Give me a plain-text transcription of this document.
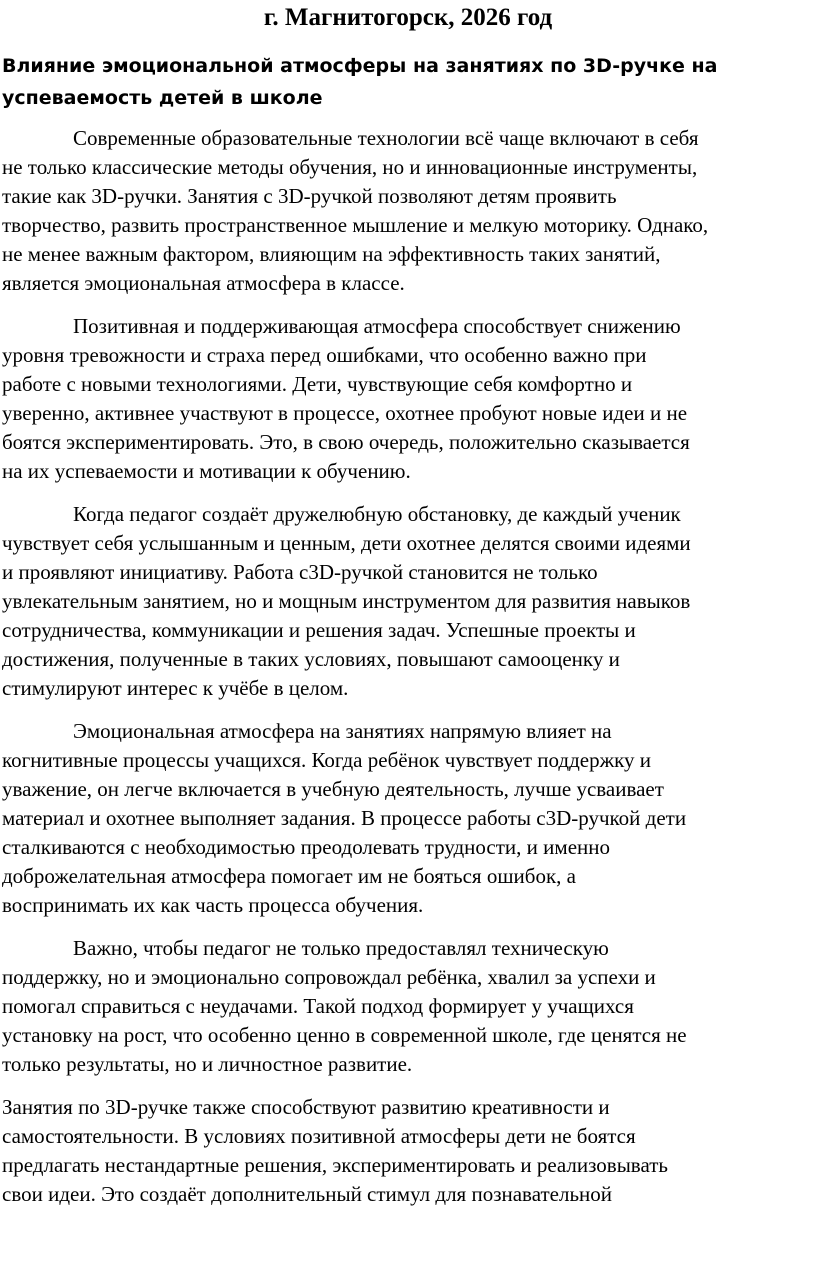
г. Магнитогорск, 2026 год
Влияние эмоциональной атмосферы на занятиях по 3D-ручке на
успеваемость детей в школе

Современные образовательные технологии всё чаще включают в себя
не только классические методы обучения, но и инновационные инструменты,
такие как 3D-ручки. Занятия с 3D-ручкой позволяют детям проявить
творчество, развить пространственное мышление и мелкую моторику. Однако,
не менее важным фактором, влияющим на эффективность таких занятий,
является эмоциональная атмосфера в классе.

Позитивная и поддерживающая атмосфера способствует снижению
уровня тревожности и страха перед ошибками, что особенно важно при
работе с новыми технологиями. Дети, чувствующие себя комфортно и
уверенно, активнее участвуют в процессе, охотнее пробуют новые идеи и не
боятся экспериментировать. Это, в свою очередь, положительно сказывается
на их успеваемости и мотивации к обучению.

Когда педагог создаёт дружелюбную обстановку, де каждый ученик
чувствует себя услышанным и ценным, дети охотнее делятся своими идеями
и проявляют инициативу. Работа с3D-ручкой становится не только
увлекательным занятием, но и мощным инструментом для развития навыков
сотрудничества, коммуникации и решения задач. Успешные проекты и
достижения, полученные в таких условиях, повышают самооценку и
стимулируют интерес к учёбе в целом.

Эмоциональная атмосфера на занятиях напрямую влияет на
когнитивные процессы учащихся. Когда ребёнок чувствует поддержку и
уважение, он легче включается в учебную деятельность, лучше усваивает
материал и охотнее выполняет задания. В процессе работы с3D-ручкой дети
сталкиваются с необходимостью преодолевать трудности, и именно
доброжелательная атмосфера помогает им не бояться ошибок, а
воспринимать их как часть процесса обучения.

Важно, чтобы педагог не только предоставлял техническую
поддержку, но и эмоционально сопровождал ребёнка, хвалил за успехи и
помогал справиться с неудачами. Такой подход формирует у учащихся
установку на рост, что особенно ценно в современной школе, где ценятся не
только результаты, но и личностное развитие.

Занятия по 3D-ручке также способствуют развитию креативности и
самостоятельности. В условиях позитивной атмосферы дети не боятся
предлагать нестандартные решения, экспериментировать и реализовывать
свои идеи. Это создаёт дополнительный стимул для познавательной
